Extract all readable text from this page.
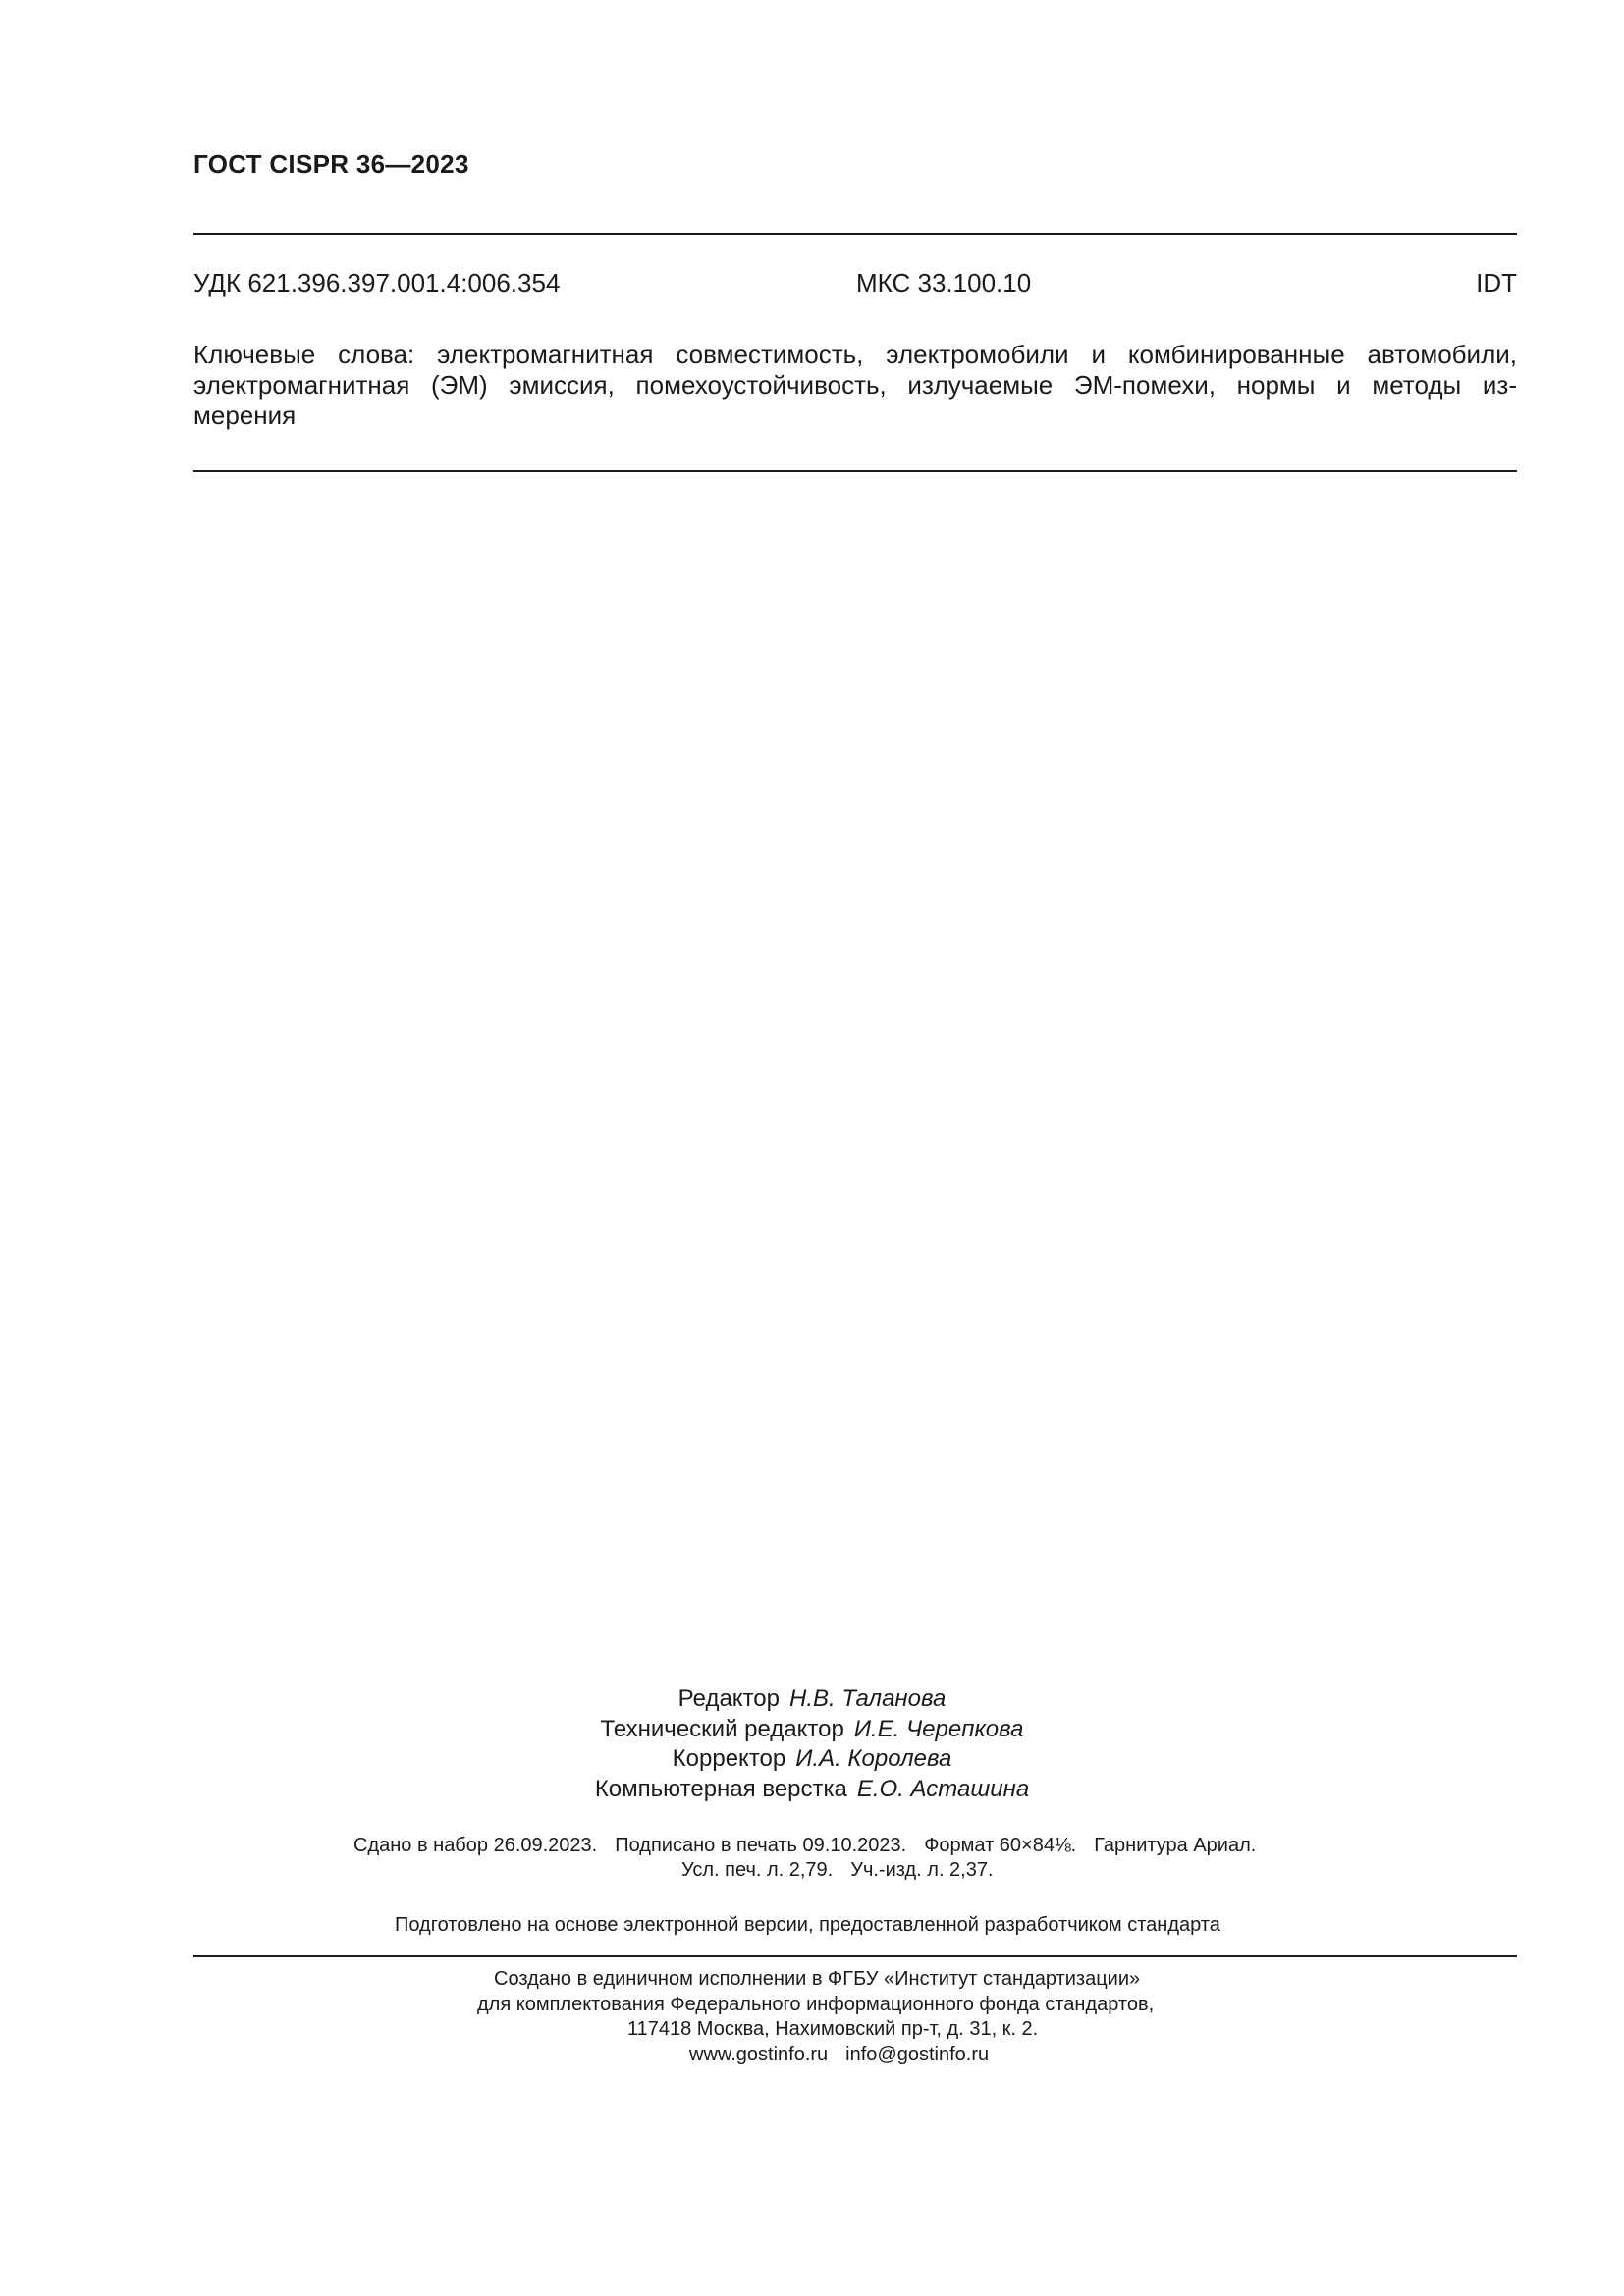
ГОСТ CISPR 36—2023
УДК 621.396.397.001.4:006.354	МКС 33.100.10	IDT
Ключевые слова: электромагнитная совместимость, электромобили и комбинированные автомобили,
электромагнитная (ЭМ) эмиссия, помехоустойчивость, излучаемые ЭМ-помехи, нормы и методы из-
мерения
Редактор Н.В. Таланова
Технический редактор И.Е. Черепкова
Корректор И.А. Королева
Компьютерная верстка Е.О. Асташина
Сдано в набор 26.09.2023. Подписано в печать 09.10.2023. Формат 60×84⅛. Гарнитура Ариал.
Усл. печ. л. 2,79. Уч.-изд. л. 2,37.
Подготовлено на основе электронной версии, предоставленной разработчиком стандарта
Создано в единичном исполнении в ФГБУ «Институт стандартизации»
для комплектования Федерального информационного фонда стандартов,
117418 Москва, Нахимовский пр-т, д. 31, к. 2.
www.gostinfo.ru info@gostinfo.ru
